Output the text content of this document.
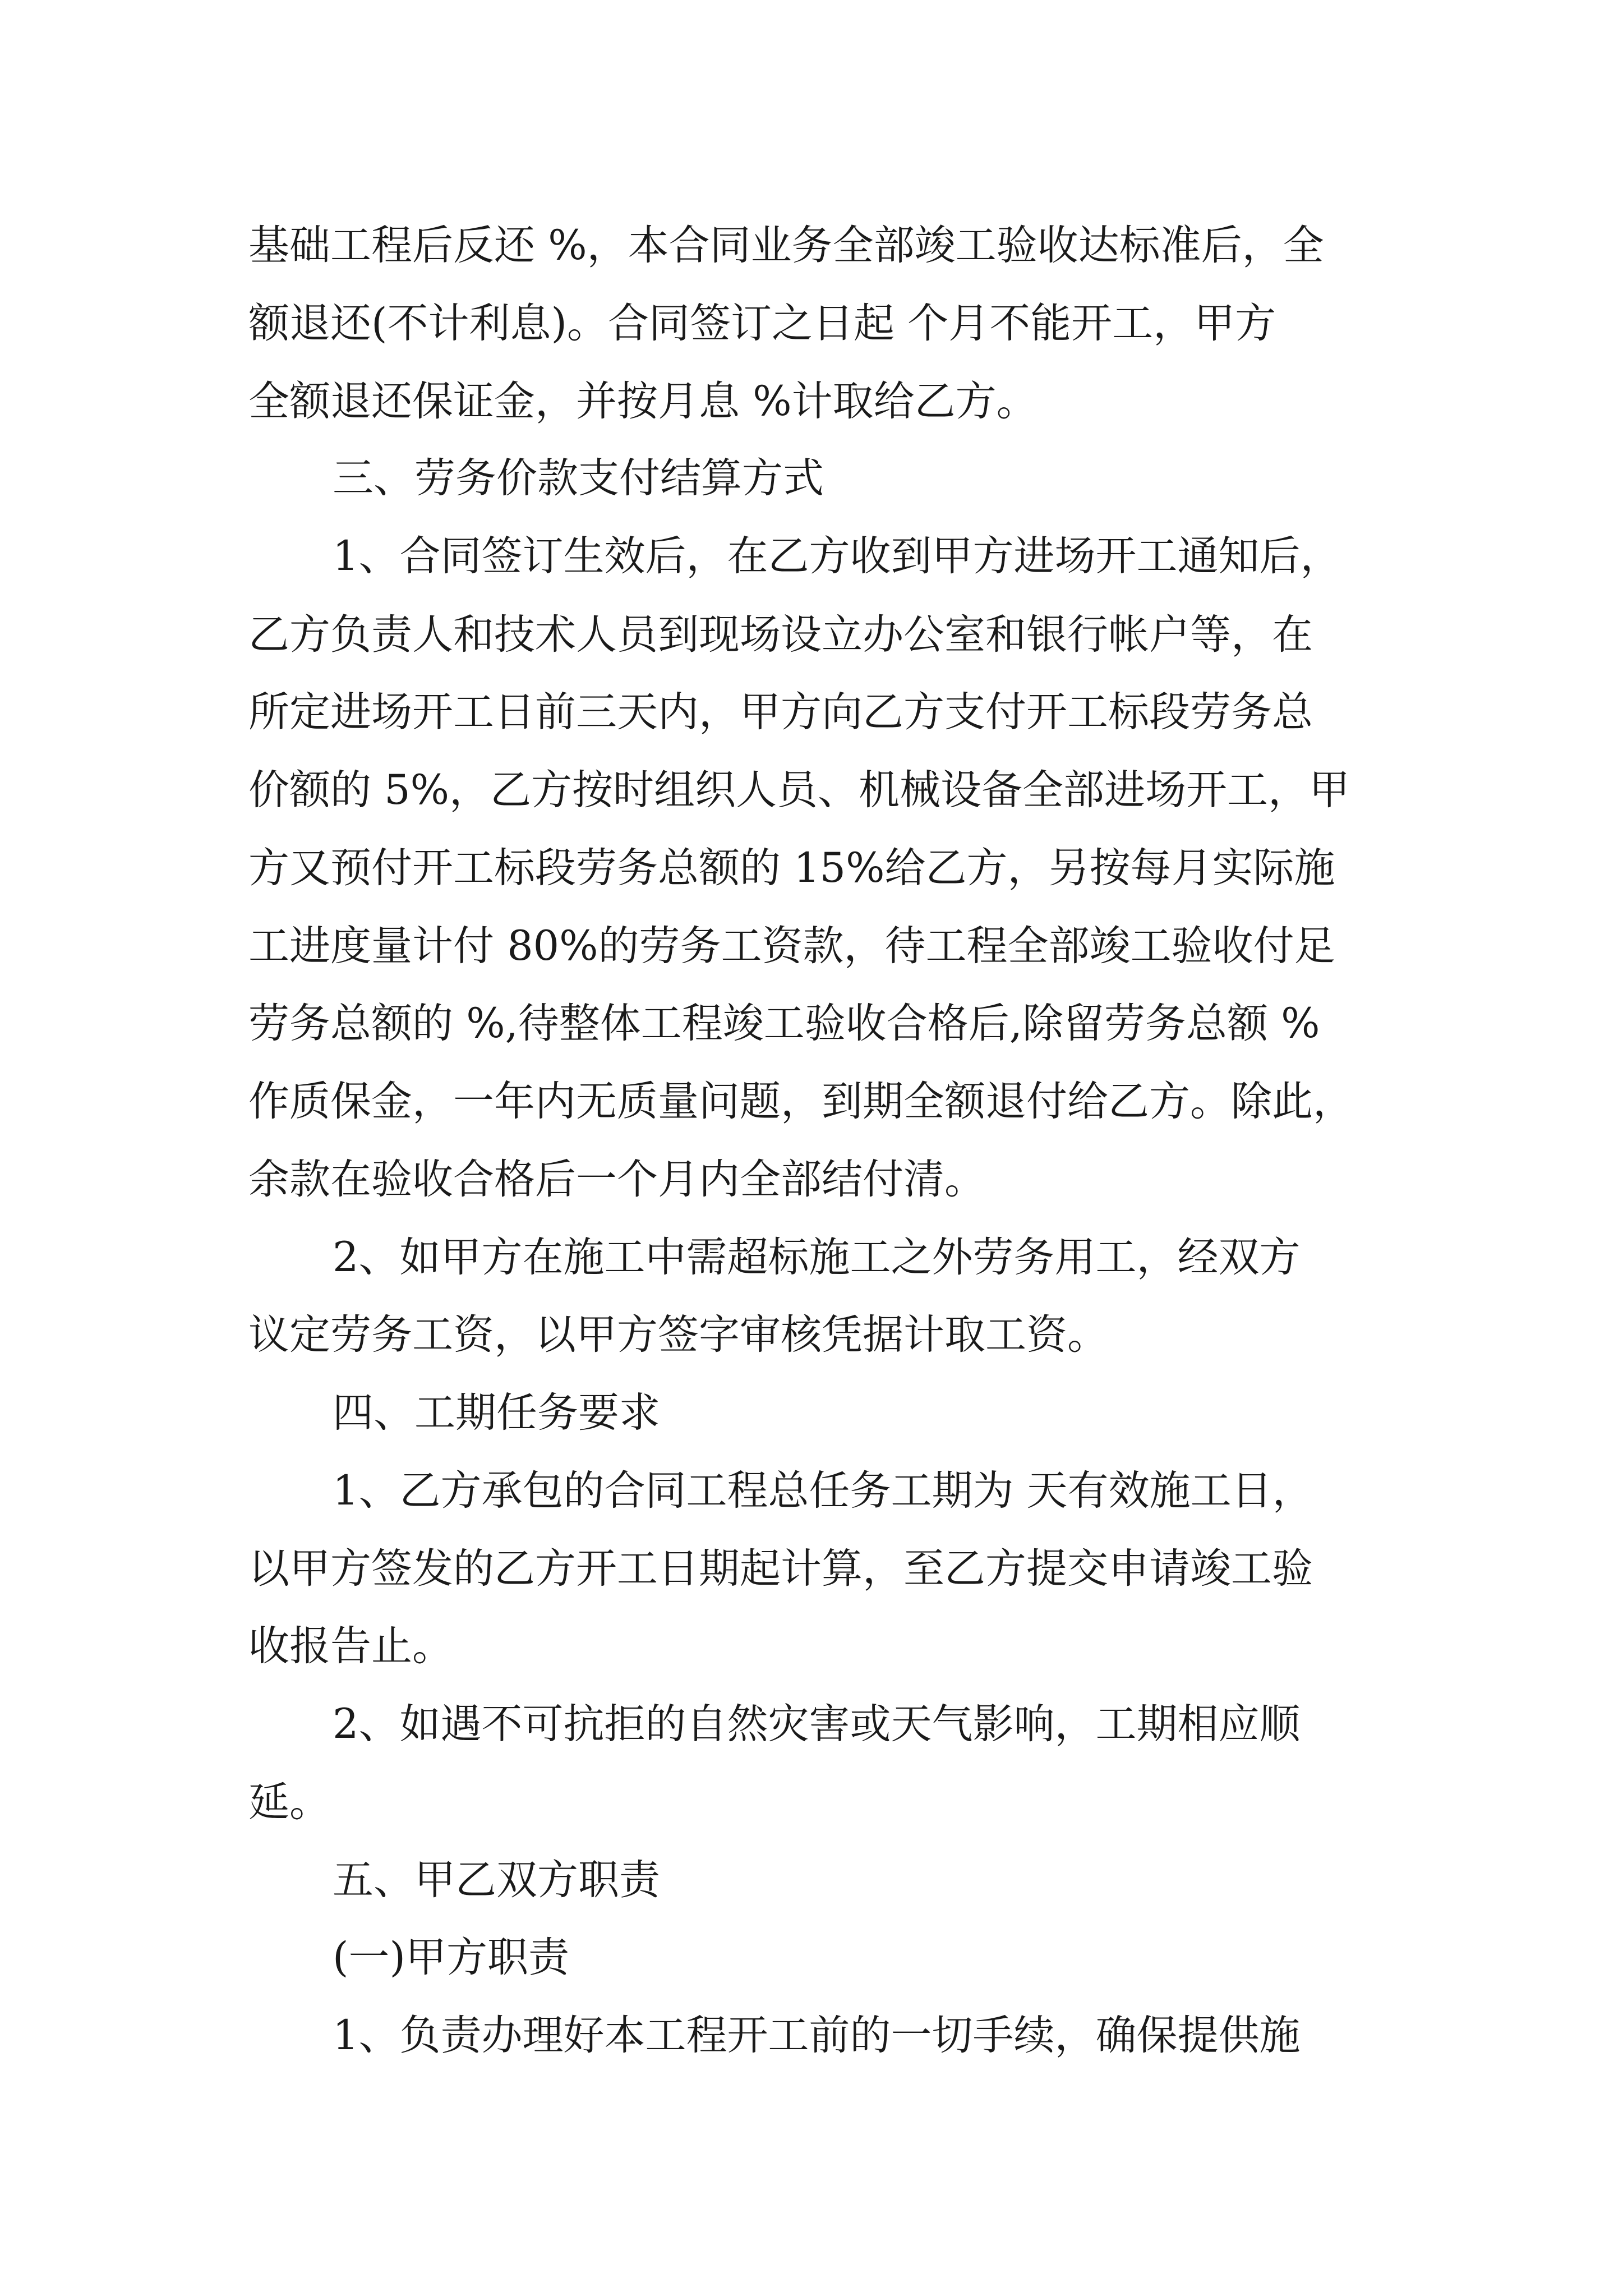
基础工程后反还 %，本合同业务全部竣工验收达标准后，全

额退还(不计利息)。合同签订之日起 个月不能开工，甲方

全额退还保证金，并按月息 %计取给乙方。

三、劳务价款支付结算方式

1、合同签订生效后，在乙方收到甲方进场开工通知后，

乙方负责人和技术人员到现场设立办公室和银行帐户等，在

所定进场开工日前三天内，甲方向乙方支付开工标段劳务总

价额的 5%，乙方按时组织人员、机械设备全部进场开工，甲

方又预付开工标段劳务总额的 15%给乙方，另按每月实际施

工进度量计付 80%的劳务工资款，待工程全部竣工验收付足

劳务总额的 %,待整体工程竣工验收合格后,除留劳务总额 %

作质保金，一年内无质量问题，到期全额退付给乙方。除此，

余款在验收合格后一个月内全部结付清。

2、如甲方在施工中需超标施工之外劳务用工，经双方

议定劳务工资，以甲方签字审核凭据计取工资。

四、工期任务要求

1、乙方承包的合同工程总任务工期为 天有效施工日，

以甲方签发的乙方开工日期起计算，至乙方提交申请竣工验

收报告止。

2、如遇不可抗拒的自然灾害或天气影响，工期相应顺

延。

五、甲乙双方职责

(一)甲方职责

1、负责办理好本工程开工前的一切手续，确保提供施
